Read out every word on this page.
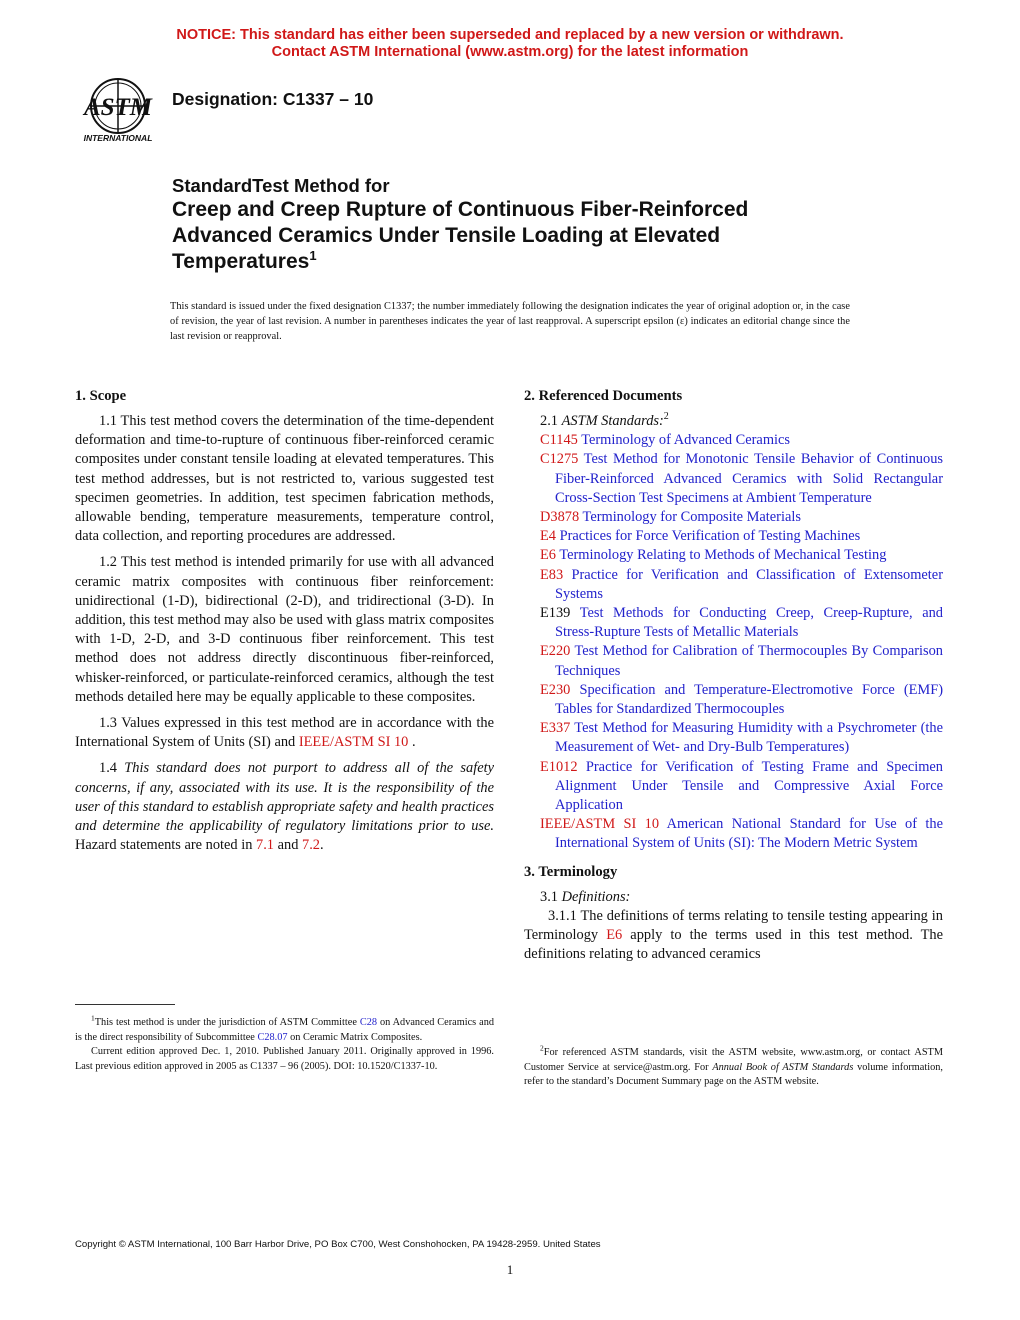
NOTICE: This standard has either been superseded and replaced by a new version or withdrawn.
Contact ASTM International (www.astm.org) for the latest information
ASTM
INTERNATIONAL
Designation: C1337 – 10
StandardTest Method for
Creep and Creep Rupture of Continuous Fiber-Reinforced
Advanced Ceramics Under Tensile Loading at Elevated
Temperatures$^1$
This standard is issued under the fixed designation C1337; the number immediately following the designation indicates the year of original adoption or, in the case of revision, the year of last revision. A number in parentheses indicates the year of last reapproval. A superscript epsilon (ε) indicates an editorial change since the last revision or reapproval.
1. Scope

1.1 This test method covers the determination of the time-dependent deformation and time-to-rupture of continuous fiber-reinforced ceramic composites under constant tensile loading at elevated temperatures. This test method addresses, but is not restricted to, various suggested test specimen geometries. In addition, test specimen fabrication methods, allowable bending, temperature measurements, temperature control, data collection, and reporting procedures are addressed.

1.2 This test method is intended primarily for use with all advanced ceramic matrix composites with continuous fiber reinforcement: unidirectional (1-D), bidirectional (2-D), and tridirectional (3-D). In addition, this test method may also be used with glass matrix composites with 1-D, 2-D, and 3-D continuous fiber reinforcement. This test method does not address directly discontinuous fiber-reinforced, whisker-reinforced, or particulate-reinforced ceramics, although the test methods detailed here may be equally applicable to these composites.

1.3 Values expressed in this test method are in accordance with the International System of Units (SI) and IEEE/ASTM SI 10 .

1.4 This standard does not purport to address all of the safety concerns, if any, associated with its use. It is the responsibility of the user of this standard to establish appropriate safety and health practices and determine the applicability of regulatory limitations prior to use. Hazard statements are noted in 7.1 and 7.2.

$^1$This test method is under the jurisdiction of ASTM Committee C28 on Advanced Ceramics and is the direct responsibility of Subcommittee C28.07 on Ceramic Matrix Composites.

Current edition approved Dec. 1, 2010. Published January 2011. Originally approved in 1996. Last previous edition approved in 2005 as C1337 – 96 (2005). DOI: 10.1520/C1337-10.

2. Referenced Documents

2.1 ASTM Standards:$^2$

C1145 Terminology of Advanced Ceramics

C1275 Test Method for Monotonic Tensile Behavior of Continuous Fiber-Reinforced Advanced Ceramics with Solid Rectangular Cross-Section Test Specimens at Ambient Temperature

D3878 Terminology for Composite Materials

E4 Practices for Force Verification of Testing Machines

E6 Terminology Relating to Methods of Mechanical Testing

E83 Practice for Verification and Classification of Extensometer Systems

E139 Test Methods for Conducting Creep, Creep-Rupture, and Stress-Rupture Tests of Metallic Materials

E220 Test Method for Calibration of Thermocouples By Comparison Techniques

E230 Specification and Temperature-Electromotive Force (EMF) Tables for Standardized Thermocouples

E337 Test Method for Measuring Humidity with a Psychrometer (the Measurement of Wet- and Dry-Bulb Temperatures)

E1012 Practice for Verification of Testing Frame and Specimen Alignment Under Tensile and Compressive Axial Force Application

IEEE/ASTM SI 10 American National Standard for Use of the International System of Units (SI): The Modern Metric System

3. Terminology

3.1 Definitions:

3.1.1 The definitions of terms relating to tensile testing appearing in Terminology E6 apply to the terms used in this test method. The definitions relating to advanced ceramics

$^2$For referenced ASTM standards, visit the ASTM website, www.astm.org, or contact ASTM Customer Service at service@astm.org. For Annual Book of ASTM Standards volume information, refer to the standard’s Document Summary page on the ASTM website.

Copyright © ASTM International, 100 Barr Harbor Drive, PO Box C700, West Conshohocken, PA 19428-2959. United States
1
